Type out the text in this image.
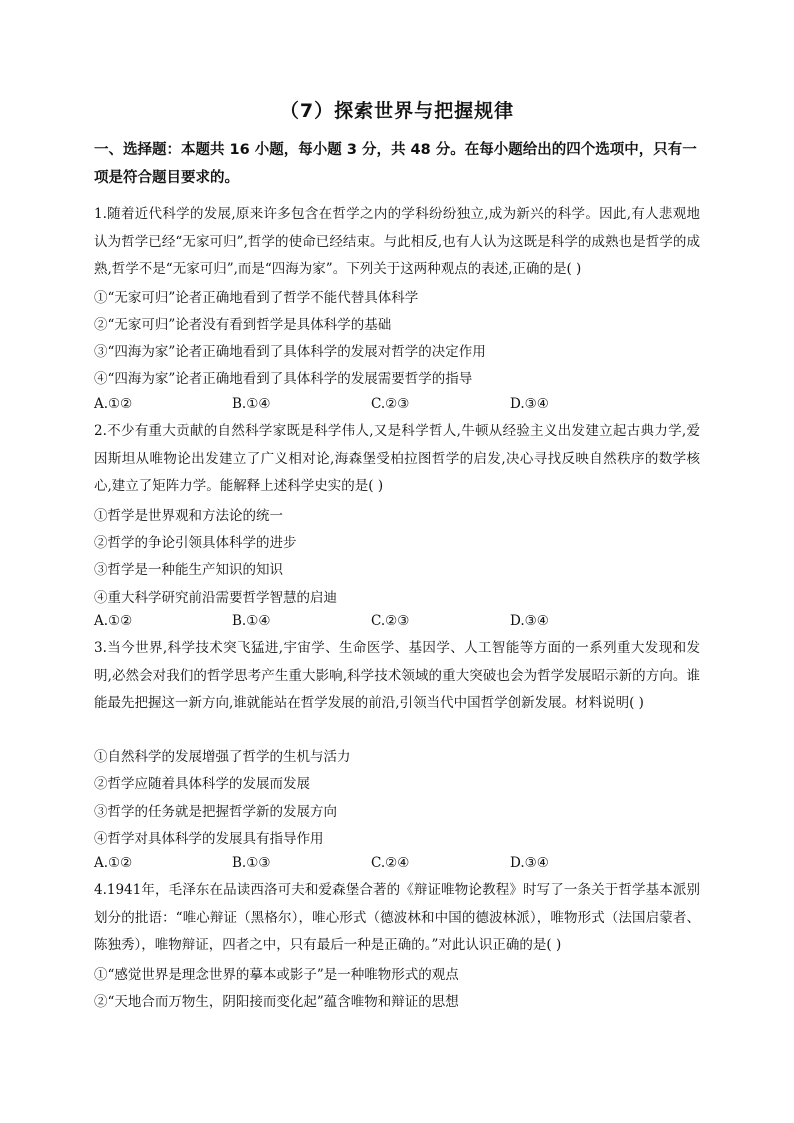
（7）探索世界与把握规律
一、选择题：本题共 16 小题，每小题 3 分，共 48 分。在每小题给出的四个选项中，只有一项是符合题目要求的。
1.随着近代科学的发展,原来许多包含在哲学之内的学科纷纷独立,成为新兴的科学。因此,有人悲观地认为哲学已经“无家可归”,哲学的使命已经结束。与此相反,也有人认为这既是科学的成熟也是哲学的成熟,哲学不是“无家可归”,而是“四海为家”。下列关于这两种观点的表述,正确的是( )
①“无家可归”论者正确地看到了哲学不能代替具体科学
②“无家可归”论者没有看到哲学是具体科学的基础
③“四海为家”论者正确地看到了具体科学的发展对哲学的决定作用
④“四海为家”论者正确地看到了具体科学的发展需要哲学的指导
A.①②	B.①④	C.②③	D.③④
2.不少有重大贡献的自然科学家既是科学伟人,又是科学哲人,牛顿从经验主义出发建立起古典力学,爱因斯坦从唯物论出发建立了广义相对论,海森堡受柏拉图哲学的启发,决心寻找反映自然秩序的数学核心,建立了矩阵力学。能解释上述科学史实的是( )
①哲学是世界观和方法论的统一
②哲学的争论引领具体科学的进步
③哲学是一种能生产知识的知识
④重大科学研究前沿需要哲学智慧的启迪
A.①②	B.①④	C.②③	D.③④
3.当今世界,科学技术突飞猛进,宇宙学、生命医学、基因学、人工智能等方面的一系列重大发现和发明,必然会对我们的哲学思考产生重大影响,科学技术领域的重大突破也会为哲学发展昭示新的方向。谁能最先把握这一新方向,谁就能站在哲学发展的前沿,引领当代中国哲学创新发展。材料说明( )
①自然科学的发展增强了哲学的生机与活力
②哲学应随着具体科学的发展而发展
③哲学的任务就是把握哲学新的发展方向
④哲学对具体科学的发展具有指导作用
A.①②	B.①③	C.②④	D.③④
4.1941年，毛泽东在品读西洛可夫和爱森堡合著的《辩证唯物论教程》时写了一条关于哲学基本派别划分的批语：“唯心辩证（黑格尔），唯心形式（德波林和中国的德波林派），唯物形式（法国启蒙者、陈独秀），唯物辩证，四者之中，只有最后一种是正确的。”对此认识正确的是( )
①“感觉世界是理念世界的摹本或影子”是一种唯物形式的观点
②“天地合而万物生，阴阳接而变化起”蕴含唯物和辩证的思想
